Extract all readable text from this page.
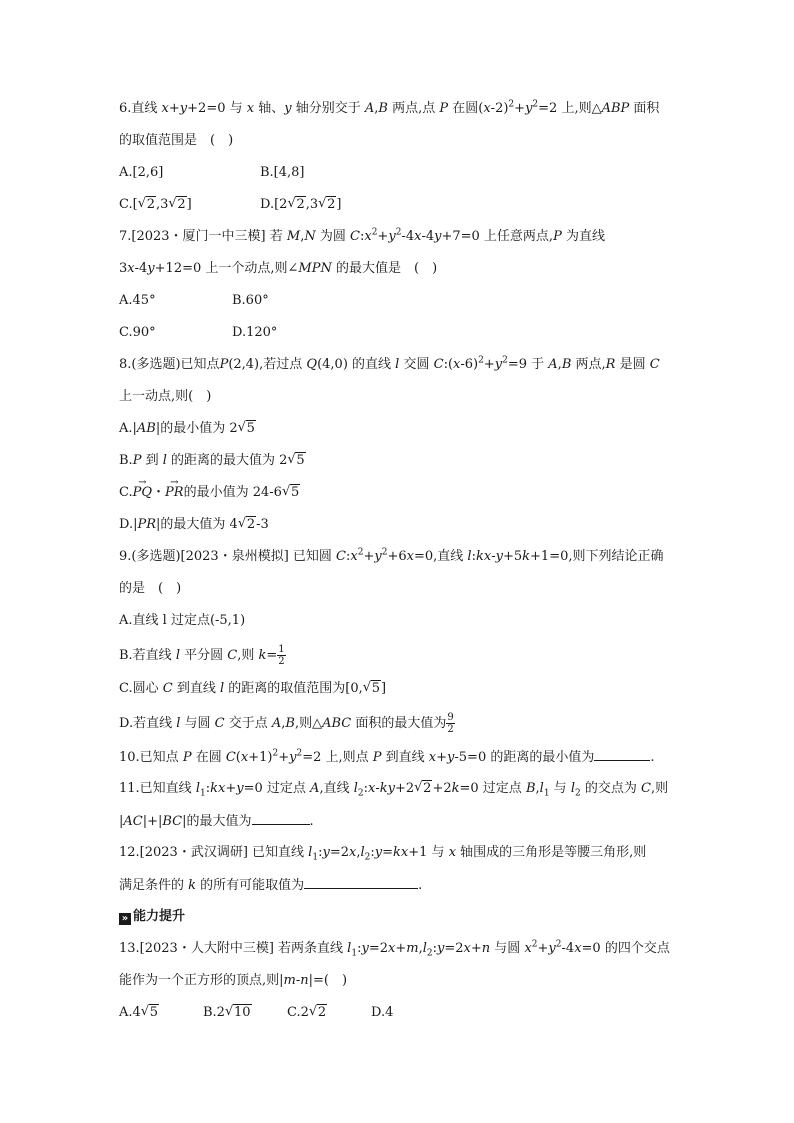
6.直线 x+y+2=0 与 x 轴、y 轴分别交于 A,B 两点,点 P 在圆$(x-2)^2+y^2=2$ 上,则△ABP 面积
的取值范围是　(　)
A.[2,6]	B.[4,8]
C.[√ 2,3√ 2]	D.[2√ 2,3√ 2]
7.[2023・厦门一中三模] 若 M,N 为圆 $C:x^2+y^2-4x-4y+7=0$ 上任意两点,P 为直线
3x-4y+12=0 上一个动点,则∠MPN 的最大值是　(　)
A.45°	B.60°
C.90°	D.120°
8.(多选题)已知点P(2,4),若过点 Q(4,0) 的直线 l 交圆 $C:(x-6)^2+y^2=9$ 于 A,B 两点,R 是圆 C
上一动点,则(　)
A.|AB|的最小值为 2√ 5
B.P 到 l 的距离的最大值为 2√ 5
C.→ PQ・→ PR的最小值为 24-6√ 5
D.|PR|的最大值为 4√ 2-3
9.(多选题)[2023・泉州模拟] 已知圆 $C:x^2+y^2+6x=0$,直线 l:kx-y+5k+1=0,则下列结论正确
的是　(　)
A.直线 l 过定点(-5,1)
B.若直线 l 平分圆 C,则 $k= \frac{1}{2}$
C.圆心 C 到直线 l 的距离的取值范围为[0,√ 5]
D.若直线 l 与圆 C 交于点 A,B,则△ABC 面积的最大值为 $\frac{9}{2}$
10.已知点 P 在圆 $C(x+1)^2+y^2=2$ 上,则点 P 到直线 x+y-5=0 的距离的最小值为	.
11.已知直线 $l_1:kx+y=0$ 过定点 A,直线 $l_2:x-ky+2√$ 2+2k=0 过定点 $B,l_1$ 与 $l_2$ 的交点为 C,则
|AC|+|BC|的最大值为	.
12.[2023・武汉调研] 已知直线 $l_1:y=2x,l_2:y=kx+1$ 与 x 轴围成的三角形是等腰三角形,则
满足条件的 k 的所有可能取值为	.
» 能力提升
13.[2023・人大附中三模] 若两条直线 $l_1:y=2x+m,l_2:y=2x+n$ 与圆 $x^2+y^2-4x=0$ 的四个交点
能作为一个正方形的顶点,则|m-n|=(　)
A.4√ 5	B.2√ 10	C.2√ 2	D.4
